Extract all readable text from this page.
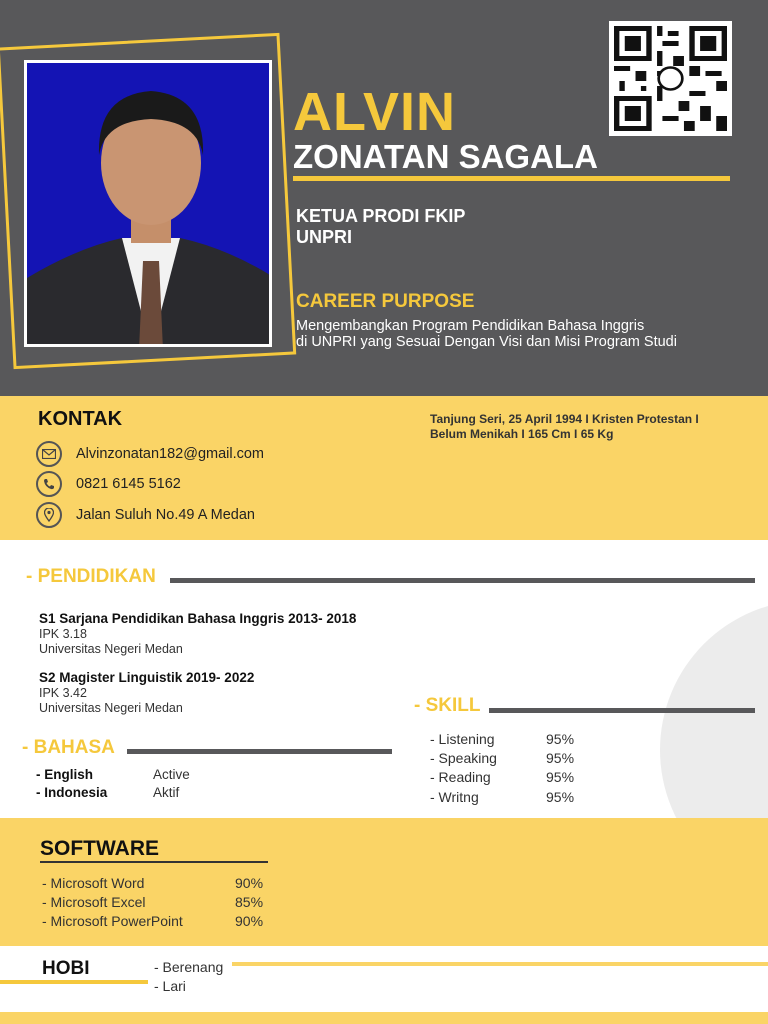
ALVIN
ZONATAN SAGALA
KETUA PRODI FKIP
UNPRI
CAREER PURPOSE
Mengembangkan Program Pendidikan Bahasa Inggris
di UNPRI yang Sesuai Dengan Visi dan Misi Program Studi
KONTAK
Alvinzonatan182@gmail.com
0821 6145 5162
Jalan Suluh No.49 A Medan
Tanjung Seri, 25 April 1994 I Kristen Protestan I
Belum Menikah I 165 Cm I 65 Kg
- PENDIDIKAN
S1 Sarjana Pendidikan Bahasa Inggris 2013- 2018
IPK 3.18
Universitas Negeri Medan
S2 Magister Linguistik 2019- 2022
IPK 3.42
Universitas Negeri Medan	- SKILL
- Listening	95%
- Speaking	95%
- Reading	95%
- Writng	95%
- BAHASA
- English	Active
- Indonesia	Aktif
SOFTWARE
- Microsoft Word	90%
- Microsoft Excel	85%
- Microsoft PowerPoint	90%
HOBI	- Berenang
- Lari
